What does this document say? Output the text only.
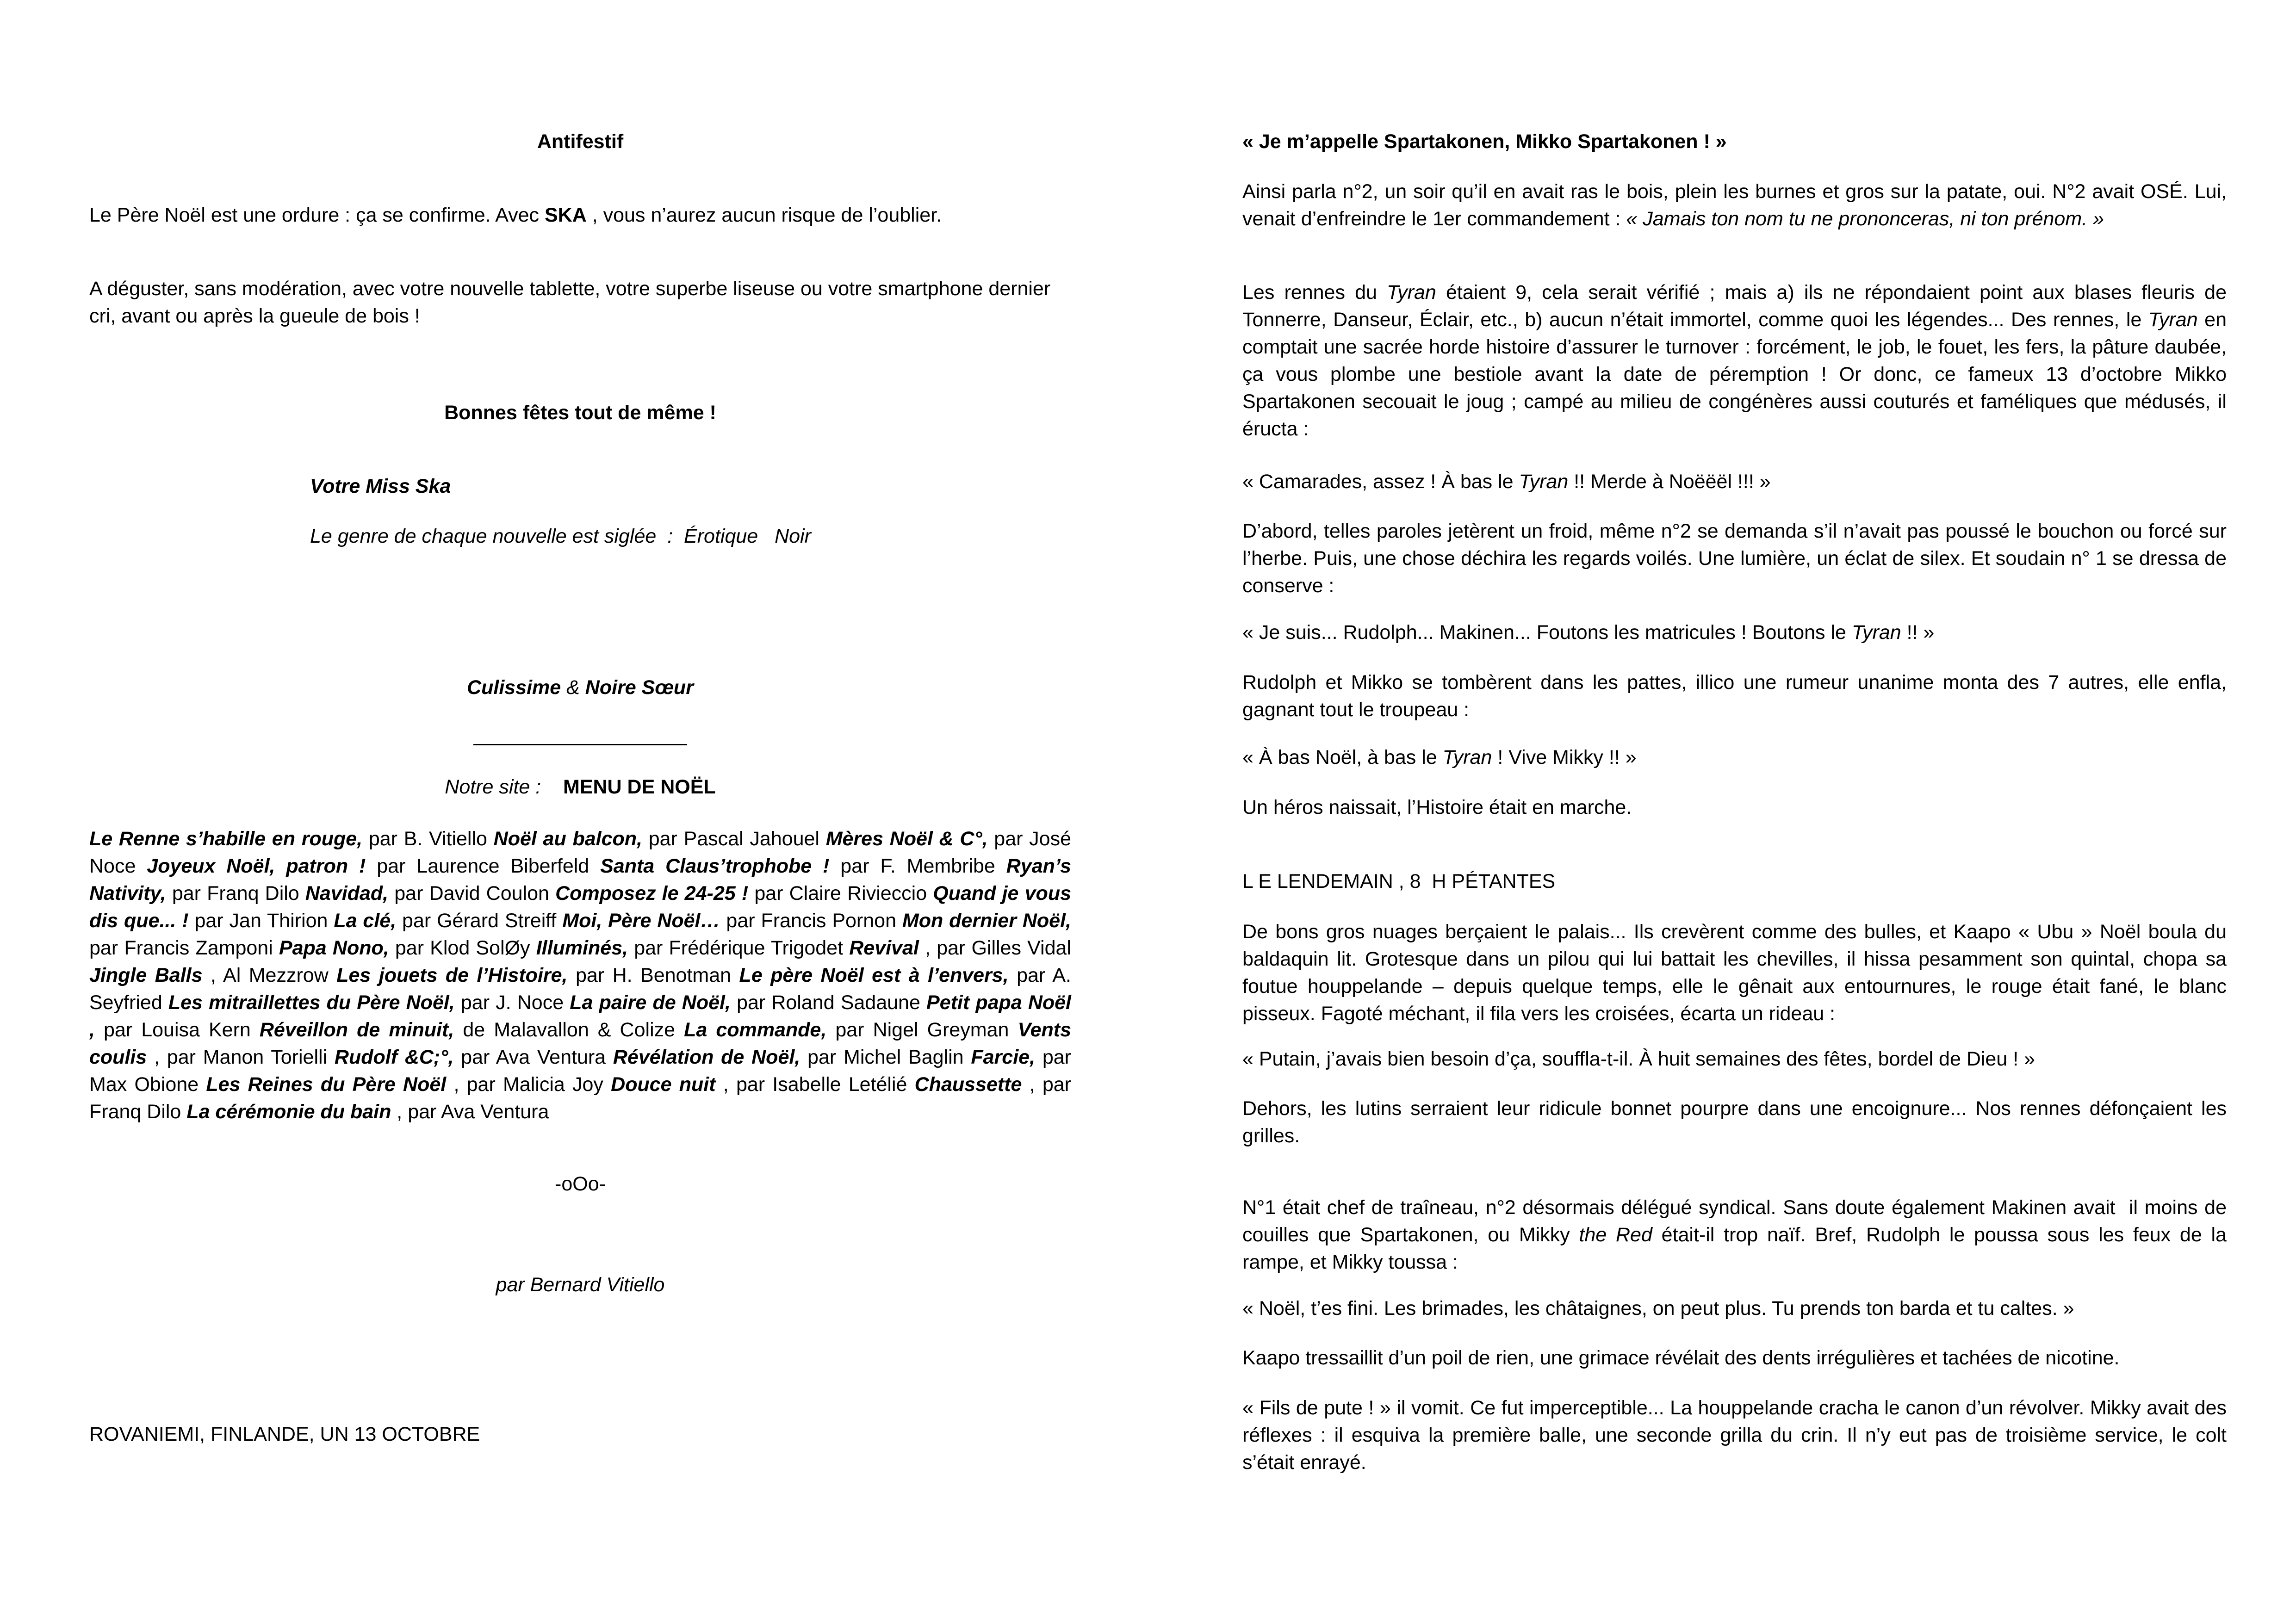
Antifestif

Le Père Noël est une ordure : ça se confirme. Avec SKA , vous n’aurez aucun risque de l’oublier.

A déguster, sans modération, avec votre nouvelle tablette, votre superbe liseuse ou votre smartphone dernier cri, avant ou après la gueule de bois !

Bonnes fêtes tout de même !

Votre Miss Ska

Le genre de chaque nouvelle est siglée : Érotique Noir

Culissime & Noire Sœur

Notre site : MENU DE NOËL

Le Renne s’habille en rouge, par B. Vitiello Noël au balcon, par Pascal Jahouel Mères Noël & C°, par José Noce Joyeux Noël, patron ! par Laurence Biberfeld Santa Claus’trophobe ! par F. Membribe Ryan’s Nativity, par Franq Dilo Navidad, par David Coulon Composez le 24-25 ! par Claire Rivieccio Quand je vous dis que... ! par Jan Thirion La clé, par Gérard Streiff Moi, Père Noël… par Francis Pornon Mon dernier Noël, par Francis Zamponi Papa Nono, par Klod SolØy Illuminés, par Frédérique Trigodet Revival , par Gilles Vidal Jingle Balls , Al Mezzrow Les jouets de l’Histoire, par H. Benotman Le père Noël est à l’envers, par A. Seyfried Les mitraillettes du Père Noël, par J. Noce La paire de Noël, par Roland Sadaune Petit papa Noël , par Louisa Kern Réveillon de minuit, de Malavallon & Colize La commande, par Nigel Greyman Vents coulis , par Manon Torielli Rudolf &C;°, par Ava Ventura Révélation de Noël, par Michel Baglin Farcie, par Max Obione Les Reines du Père Noël , par Malicia Joy Douce nuit , par Isabelle Letélié Chaussette , par Franq Dilo La cérémonie du bain , par Ava Ventura

-oOo-

par Bernard Vitiello

ROVANIEMI, FINLANDE, UN 13 OCTOBRE

« Je m’appelle Spartakonen, Mikko Spartakonen ! »

Ainsi parla n°2, un soir qu’il en avait ras le bois, plein les burnes et gros sur la patate, oui. N°2 avait OSÉ. Lui, venait d’enfreindre le 1er commandement : « Jamais ton nom tu ne prononceras, ni ton prénom. »

Les rennes du Tyran étaient 9, cela serait vérifié ; mais a) ils ne répondaient point aux blases fleuris de Tonnerre, Danseur, Éclair, etc., b) aucun n’était immortel, comme quoi les légendes... Des rennes, le Tyran en comptait une sacrée horde histoire d’assurer le turnover : forcément, le job, le fouet, les fers, la pâture daubée, ça vous plombe une bestiole avant la date de péremption ! Or donc, ce fameux 13 d’octobre Mikko Spartakonen secouait le joug ; campé au milieu de congénères aussi couturés et faméliques que médusés, il éructa :

« Camarades, assez ! À bas le Tyran !! Merde à Noëëël !!! »

D’abord, telles paroles jetèrent un froid, même n°2 se demanda s’il n’avait pas poussé le bouchon ou forcé sur l’herbe. Puis, une chose déchira les regards voilés. Une lumière, un éclat de silex. Et soudain n° 1 se dressa de conserve :

« Je suis... Rudolph... Makinen... Foutons les matricules ! Boutons le Tyran !! »

Rudolph et Mikko se tombèrent dans les pattes, illico une rumeur unanime monta des 7 autres, elle enfla, gagnant tout le troupeau :

« À bas Noël, à bas le Tyran ! Vive Mikky !! »

Un héros naissait, l’Histoire était en marche.

L E LENDEMAIN , 8  H PÉTANTES

De bons gros nuages berçaient le palais... Ils crevèrent comme des bulles, et Kaapo « Ubu » Noël boula du baldaquin lit. Grotesque dans un pilou qui lui battait les chevilles, il hissa pesamment son quintal, chopa sa foutue houppelande – depuis quelque temps, elle le gênait aux entournures, le rouge était fané, le blanc pisseux. Fagoté méchant, il fila vers les croisées, écarta un rideau :

« Putain, j’avais bien besoin d’ça, souffla-t-il. À huit semaines des fêtes, bordel de Dieu ! »

Dehors, les lutins serraient leur ridicule bonnet pourpre dans une encoignure... Nos rennes défonçaient les grilles.

N°1 était chef de traîneau, n°2 désormais délégué syndical. Sans doute également Makinen avait  il moins de couilles que Spartakonen, ou Mikky the Red était-il trop naïf. Bref, Rudolph le poussa sous les feux de la rampe, et Mikky toussa :

« Noël, t’es fini. Les brimades, les châtaignes, on peut plus. Tu prends ton barda et tu caltes. »

Kaapo tressaillit d’un poil de rien, une grimace révélait des dents irrégulières et tachées de nicotine.

« Fils de pute ! » il vomit. Ce fut imperceptible... La houppelande cracha le canon d’un révolver. Mikky avait des réflexes : il esquiva la première balle, une seconde grilla du crin. Il n’y eut pas de troisième service, le colt s’était enrayé.
